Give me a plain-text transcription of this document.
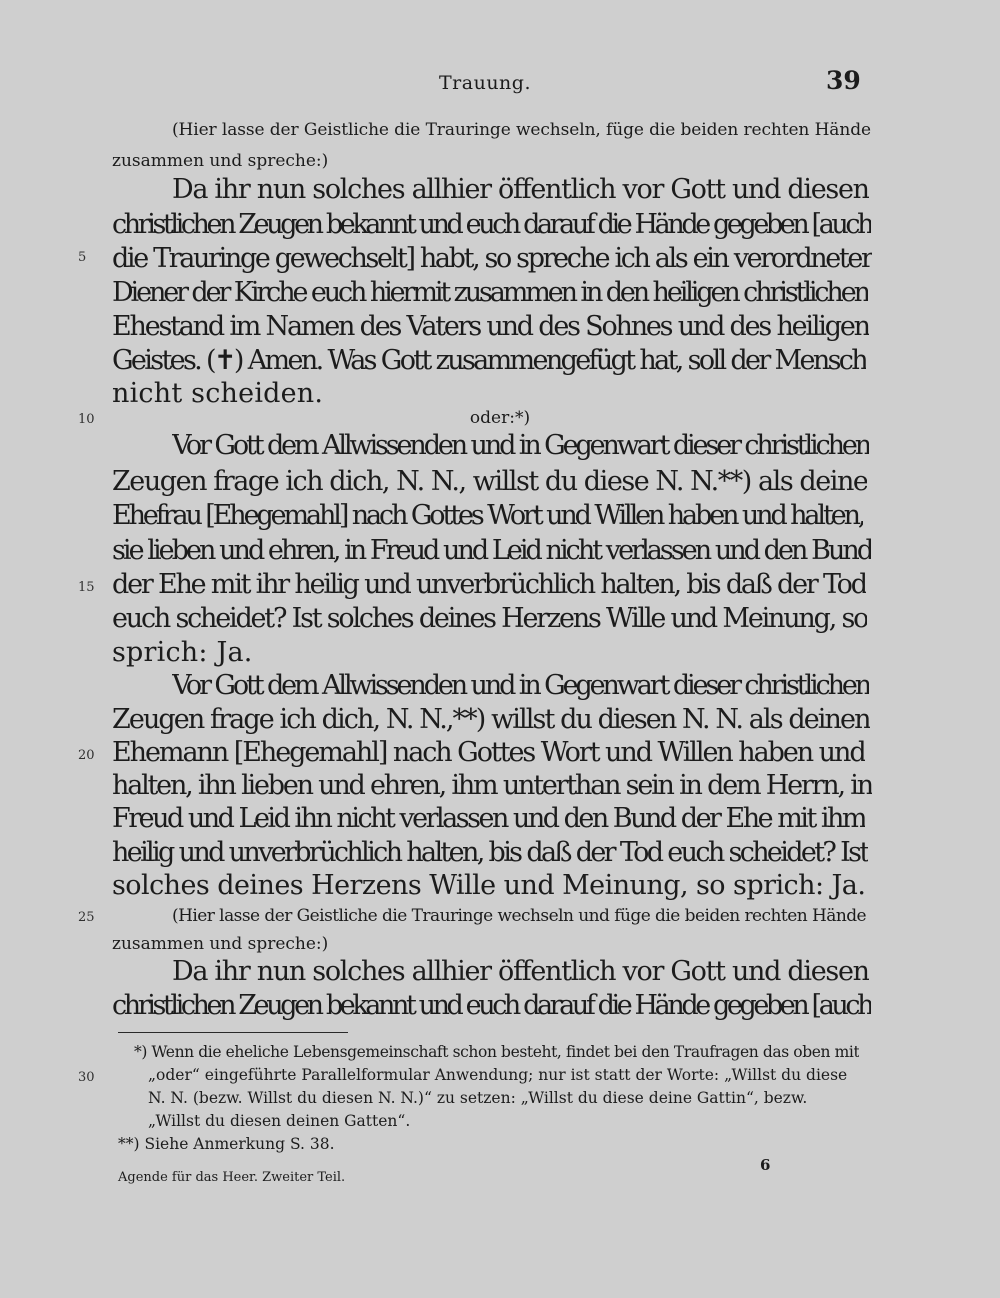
Trauung.	39
(Hier lasse der Geistliche die Trauringe wechseln, füge die beiden rechten Hände
zusammen und spreche:)
Da ihr nun solches allhier öffentlich vor Gott und diesen
christlichen Zeugen bekannt und euch darauf die Hände gegeben [auch
die Trauringe gewechselt] habt, so spreche ich als ein verordneter
Diener der Kirche euch hiermit zusammen in den heiligen christlichen
Ehestand im Namen des Vaters und des Sohnes und des heiligen
Geistes. (✝) Amen. Was Gott zusammengefügt hat, soll der Mensch
nicht scheiden.
oder:*)
Vor Gott dem Allwissenden und in Gegenwart dieser christlichen
Zeugen frage ich dich, N. N., willst du diese N. N.**) als deine
Ehefrau [Ehegemahl] nach Gottes Wort und Willen haben und halten,
sie lieben und ehren, in Freud und Leid nicht verlassen und den Bund
der Ehe mit ihr heilig und unverbrüchlich halten, bis daß der Tod
euch scheidet? Ist solches deines Herzens Wille und Meinung, so
sprich: Ja.
Vor Gott dem Allwissenden und in Gegenwart dieser christlichen
Zeugen frage ich dich, N. N.,**) willst du diesen N. N. als deinen
Ehemann [Ehegemahl] nach Gottes Wort und Willen haben und
halten, ihn lieben und ehren, ihm unterthan sein in dem Herrn, in
Freud und Leid ihn nicht verlassen und den Bund der Ehe mit ihm
heilig und unverbrüchlich halten, bis daß der Tod euch scheidet? Ist
solches deines Herzens Wille und Meinung, so sprich: Ja.
(Hier lasse der Geistliche die Trauringe wechseln und füge die beiden rechten Hände
zusammen und spreche:)
Da ihr nun solches allhier öffentlich vor Gott und diesen
christlichen Zeugen bekannt und euch darauf die Hände gegeben [auch
5
10
15
20
25
30
*) Wenn die eheliche Lebensgemeinschaft schon besteht, findet bei den Traufragen das oben mit
„oder“ eingeführte Parallelformular Anwendung; nur ist statt der Worte: „Willst du diese
N. N. (bezw. Willst du diesen N. N.)“ zu setzen: „Willst du diese deine Gattin“, bezw.
„Willst du diesen deinen Gatten“.
**) Siehe Anmerkung S. 38.
Agende für das Heer. Zweiter Teil.
6
